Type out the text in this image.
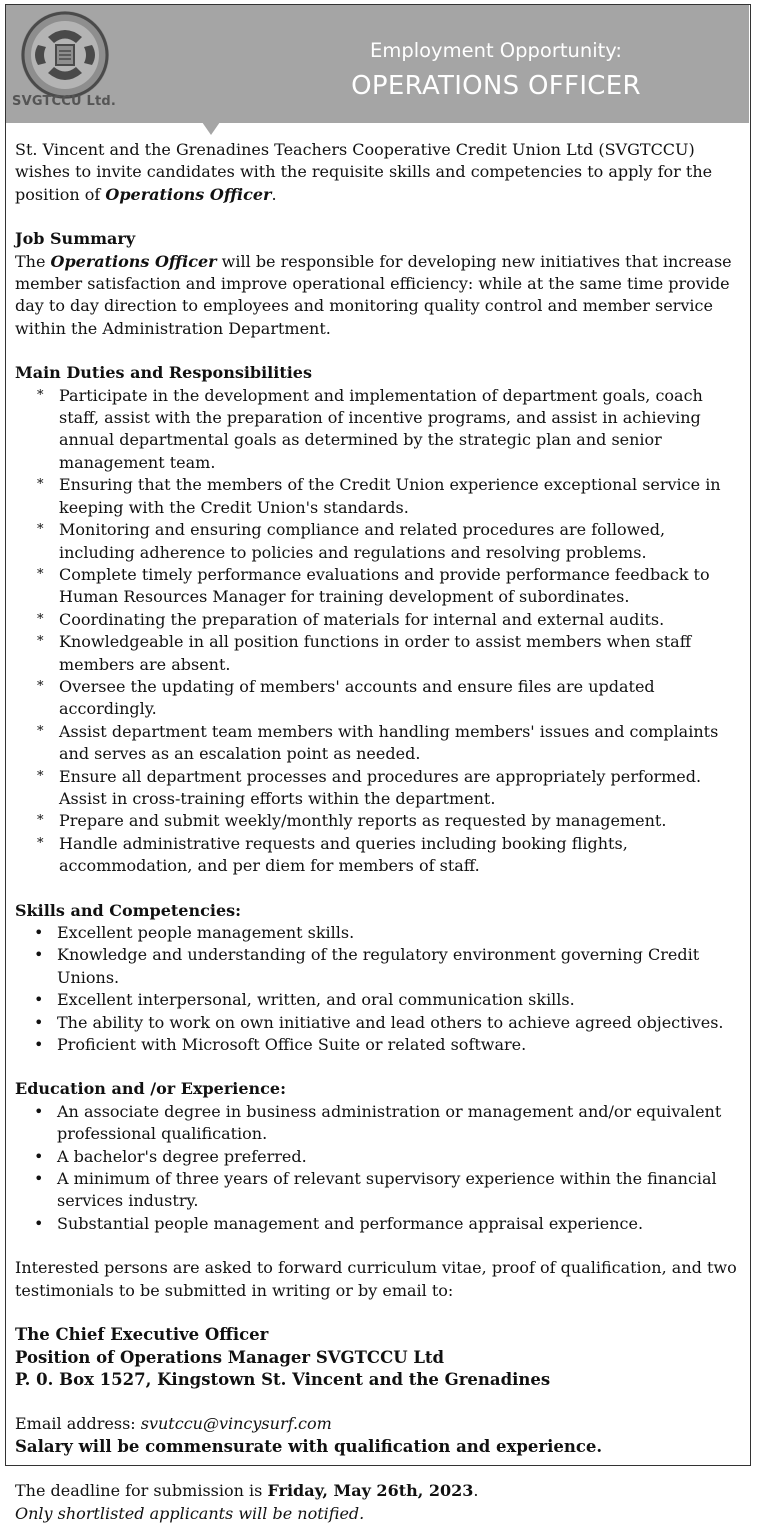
SVGTCCU Ltd.
Employment Opportunity:
OPERATIONS OFFICER

St. Vincent and the Grenadines Teachers Cooperative Credit Union Ltd (SVGTCCU) wishes to invite candidates with the requisite skills and competencies to apply for the position of Operations Officer.

Job Summary

The Operations Officer will be responsible for developing new initiatives that increase member satisfaction and improve operational efficiency: while at the same time provide day to day direction to employees and monitoring quality control and member service within the Administration Department.

Main Duties and Responsibilities
* Participate in the development and implementation of department goals, coach staff, assist with the preparation of incentive programs, and assist in achieving annual departmental goals as determined by the strategic plan and senior management team.
* Ensuring that the members of the Credit Union experience exceptional service in keeping with the Credit Union's standards.
* Monitoring and ensuring compliance and related procedures are followed, including adherence to policies and regulations and resolving problems.
* Complete timely performance evaluations and provide performance feedback to Human Resources Manager for training development of subordinates.
* Coordinating the preparation of materials for internal and external audits.
* Knowledgeable in all position functions in order to assist members when staff members are absent.
* Oversee the updating of members' accounts and ensure files are updated accordingly.
* Assist department team members with handling members' issues and complaints and serves as an escalation point as needed.
* Ensure all department processes and procedures are appropriately performed. Assist in cross-training efforts within the department.
* Prepare and submit weekly/monthly reports as requested by management.
* Handle administrative requests and queries including booking flights, accommodation, and per diem for members of staff.
Skills and Competencies:
• Excellent people management skills.
• Knowledge and understanding of the regulatory environment governing Credit Unions.
• Excellent interpersonal, written, and oral communication skills.
• The ability to work on own initiative and lead others to achieve agreed objectives.
• Proficient with Microsoft Office Suite or related software.
Education and /or Experience:
• An associate degree in business administration or management and/or equivalent professional qualification.
• A bachelor's degree preferred.
• A minimum of three years of relevant supervisory experience within the financial services industry.
• Substantial people management and performance appraisal experience.

Interested persons are asked to forward curriculum vitae, proof of qualification, and two testimonials to be submitted in writing or by email to:

The Chief Executive Officer

Position of Operations Manager SVGTCCU Ltd

P. 0. Box 1527, Kingstown St. Vincent and the Grenadines

Email address: svutccu@vincysurf.com

Salary will be commensurate with qualification and experience.

The deadline for submission is Friday, May 26th, 2023.

Only shortlisted applicants will be notified.
